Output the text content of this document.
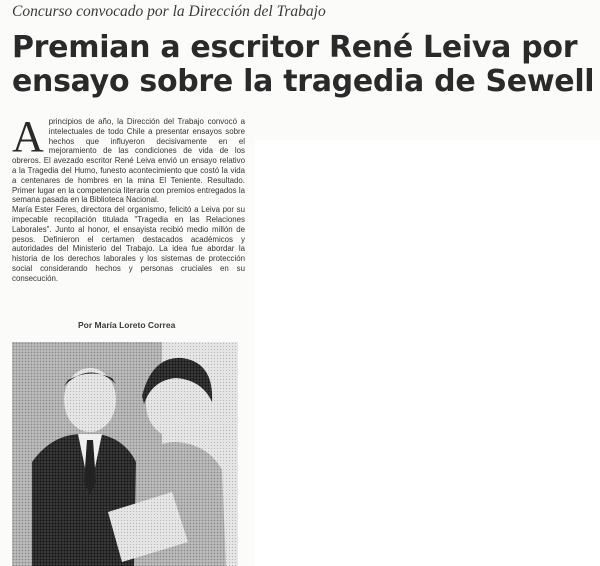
Concurso convocado por la Dirección del Trabajo
Premian a escritor René Leiva por
ensayo sobre la tragedia de Sewell

Aprincipios de año, la Dirección del Trabajo convocó a intelectuales de todo Chile a presentar ensayos sobre hechos que influyeron decisivamente en el mejoramiento de las condiciones de vida de los obreros. El avezado escritor René Leiva envió un ensayo relativo a la Tragedia del Humo, funesto acontecimiento que costó la vida a centenares de hombres en la mina El Teniente. Resultado. Primer lugar en la competencia literaria con premios entregados la semana pasada en la Biblioteca Nacional.

María Ester Feres, directora del organismo, felicitó a Leiva por su impecable recopilación titulada "Tragedia en las Relaciones Laborales". Junto al honor, el ensayista recibió medio millón de pesos. Definieron el certamen destacados académicos y autoridades del Ministerio del Trabajo. La idea fue abordar la historia de los derechos laborales y los sistemas de protección social considerando hechos y personas cruciales en su consecución.

Por María Loreto Correa
